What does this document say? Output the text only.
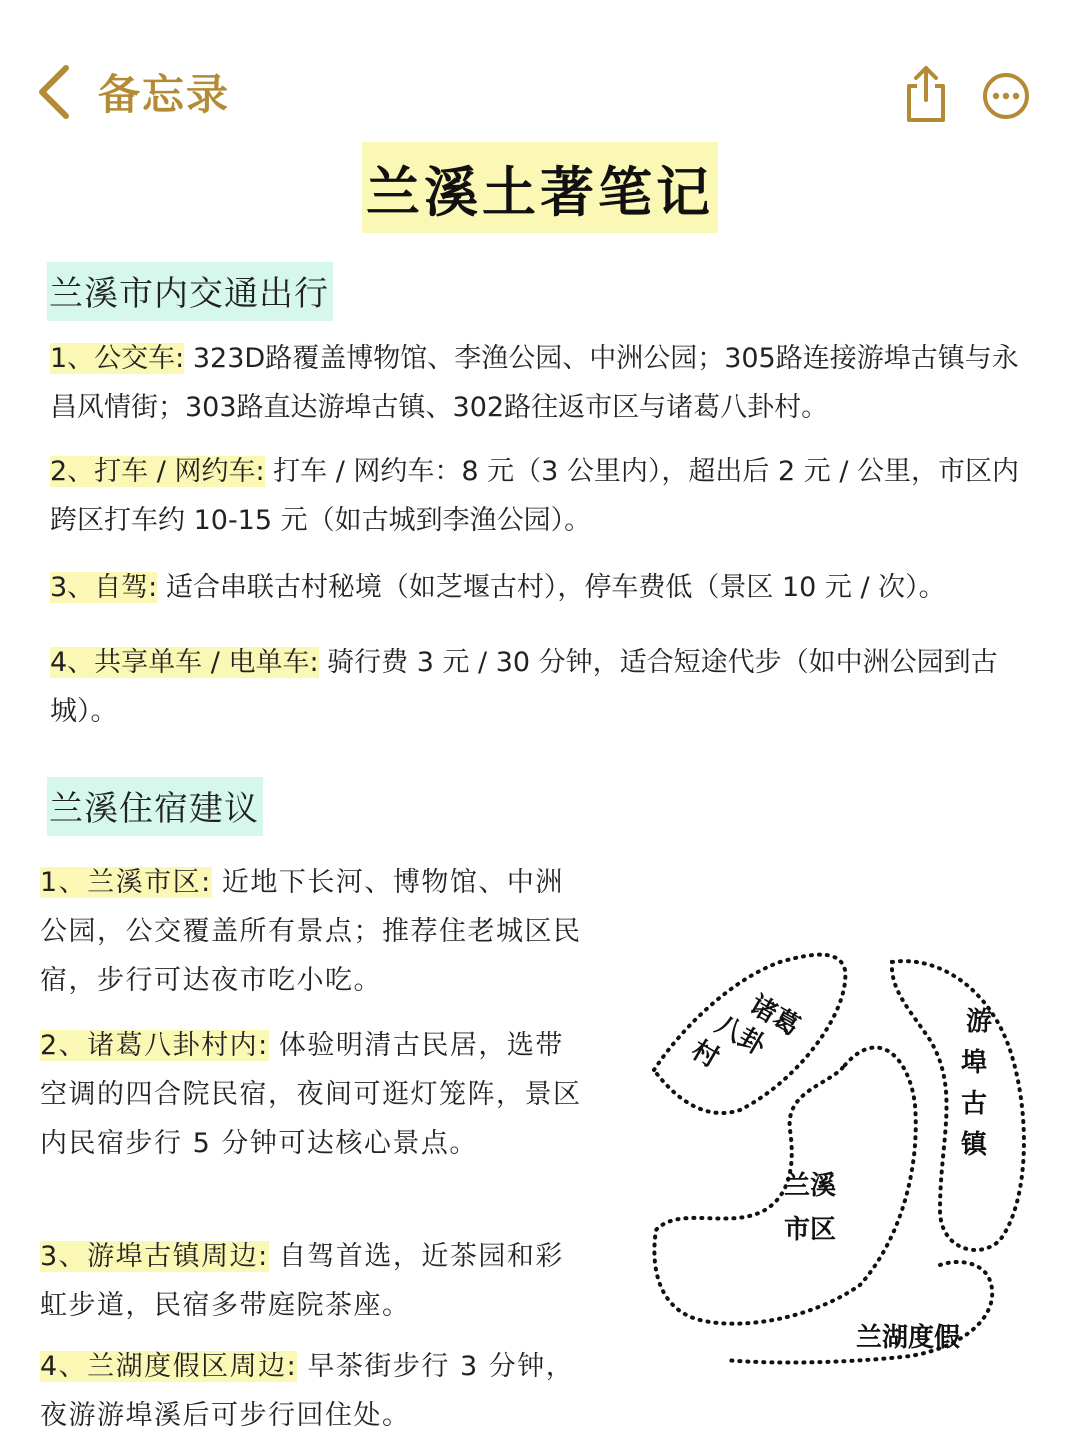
备忘录
兰溪土著笔记
兰溪市内交通出行
1、公交车: 323D路覆盖博物馆、李渔公园、中洲公园；305路连接游埠古镇与永昌风情街；303路直达游埠古镇、302路往返市区与诸葛八卦村。
2、打车 / 网约车: 打车 / 网约车：8 元（3 公里内），超出后 2 元 / 公里，市区内跨区打车约 10-15 元（如古城到李渔公园）。
3、自驾: 适合串联古村秘境（如芝堰古村），停车费低（景区 10 元 / 次）。
4、共享单车 / 电单车: 骑行费 3 元 / 30 分钟，适合短途代步（如中洲公园到古城）。
兰溪住宿建议
1、兰溪市区: 近地下长河、博物馆、中洲公园，公交覆盖所有景点；推荐住老城区民宿，步行可达夜市吃小吃。
2、诸葛八卦村内: 体验明清古民居，选带空调的四合院民宿，夜间可逛灯笼阵，景区内民宿步行 5 分钟可达核心景点。
3、游埠古镇周边: 自驾首选，近茶园和彩虹步道，民宿多带庭院茶座。
4、兰湖度假区周边: 早茶街步行 3 分钟，夜游游埠溪后可步行回住处。
诸葛
八卦
村
游
埠
古
镇
兰溪
市区
兰湖度假
